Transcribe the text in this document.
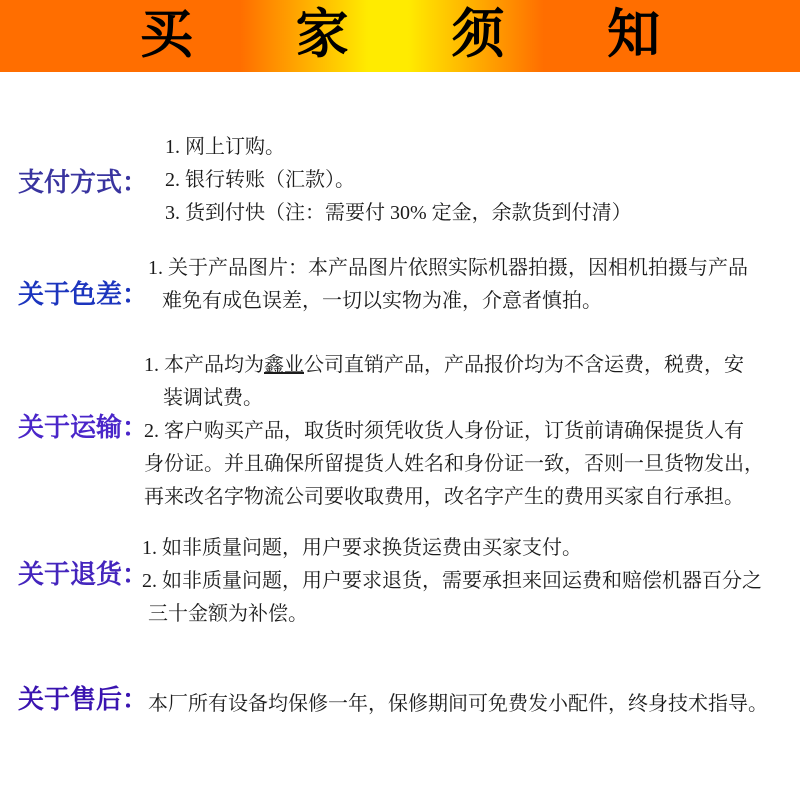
买 家 须 知
支付方式：
1. 网上订购。
2. 银行转账（汇款）。
3. 货到付快（注：需要付 30% 定金，余款货到付清）
关于色差：
1. 关于产品图片：本产品图片依照实际机器拍摄，因相机拍摄与产品
难免有成色误差，一切以实物为准，介意者慎拍。
关于运输：
1. 本产品均为鑫业公司直销产品，产品报价均为不含运费，税费，安
装调试费。
2. 客户购买产品，取货时须凭收货人身份证，订货前请确保提货人有
身份证。并且确保所留提货人姓名和身份证一致，否则一旦货物发出，
再来改名字物流公司要收取费用，改名字产生的费用买家自行承担。
关于退货：
1. 如非质量问题，用户要求换货运费由买家支付。
2. 如非质量问题，用户要求退货，需要承担来回运费和赔偿机器百分之
三十金额为补偿。
关于售后： 本厂所有设备均保修一年，保修期间可免费发小配件，终身技术指导。
